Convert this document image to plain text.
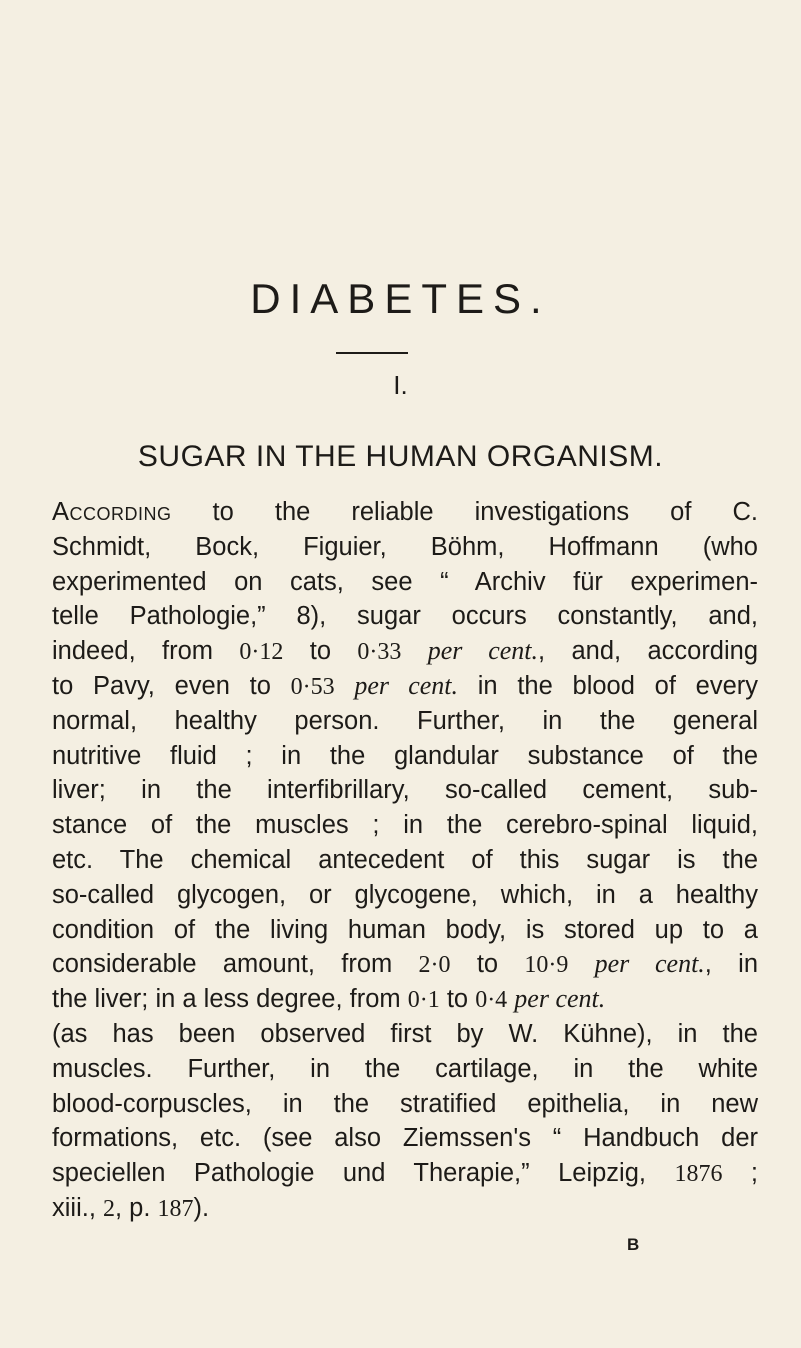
DIABETES.
I.
SUGAR IN THE HUMAN ORGANISM.
According to the reliable investigations of C.
Schmidt, Bock, Figuier, Böhm, Hoffmann (who
experimented on cats, see “ Archiv für experimen-
telle Pathologie,” 8), sugar occurs constantly, and,
indeed, from 0·12 to 0·33 per cent., and, according
to Pavy, even to 0·53 per cent. in the blood of every
normal, healthy person. Further, in the general
nutritive fluid ; in the glandular substance of the
liver; in the interfibrillary, so-called cement, sub-
stance of the muscles ; in the cerebro-spinal liquid,
etc. The chemical antecedent of this sugar is the
so-called glycogen, or glycogene, which, in a healthy
condition of the living human body, is stored up to a
considerable amount, from 2·0 to 10·9 per cent., in
the liver; in a less degree, from 0·1 to 0·4 per cent.
(as has been observed first by W. Kühne), in the
muscles. Further, in the cartilage, in the white
blood-corpuscles, in the stratified epithelia, in new
formations, etc. (see also Ziemssen's “ Handbuch der
speciellen Pathologie und Therapie,” Leipzig, 1876 ;
xiii., 2, p. 187).
B
